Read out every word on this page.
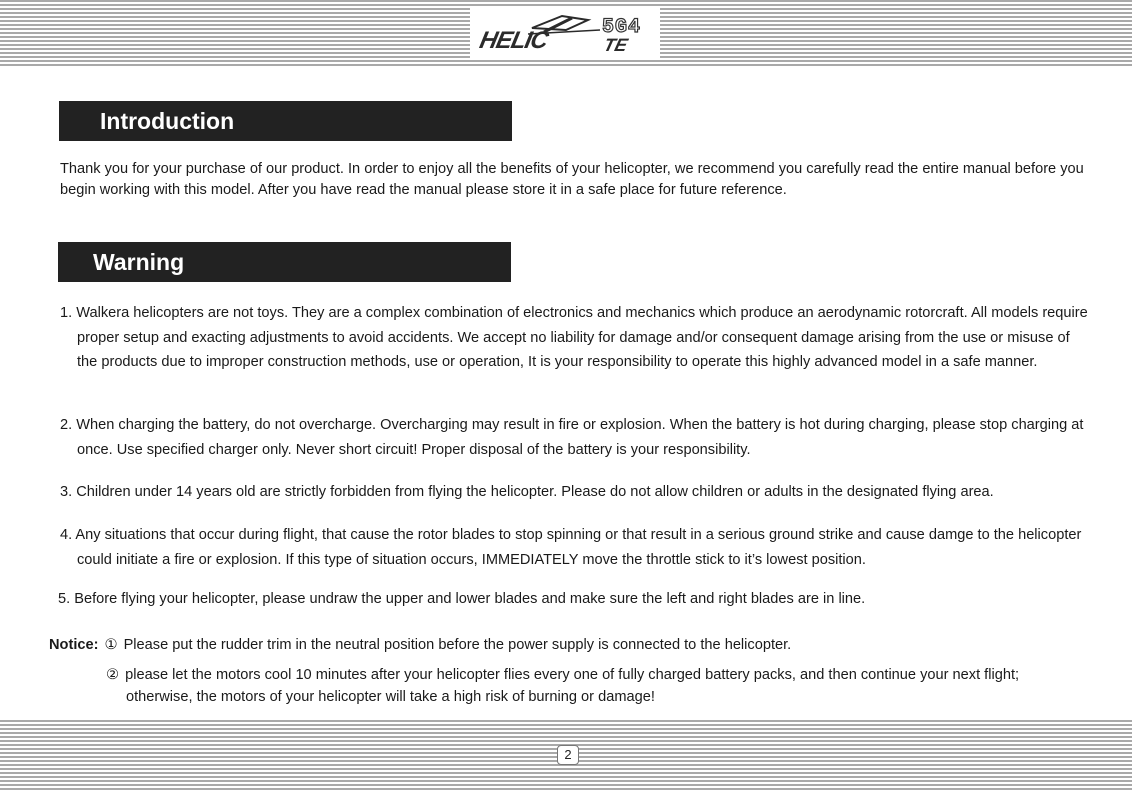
HELIC	5G4
TE
Introduction
Thank you for your purchase of our product. In order to enjoy all the benefits of your helicopter, we recommend you carefully read the entire manual before you begin working with this model. After you have read the manual please store it in a safe place for future reference.
Warning
1. Walkera helicopters are not toys. They are a complex combination of electronics and mechanics which produce an aerodynamic rotorcraft. All models require proper setup and exacting adjustments to avoid accidents. We accept no liability for damage and/or consequent damage arising from the use or misuse of the products due to improper construction methods, use or operation, It is your responsibility to operate this highly advanced model in a safe manner.
2. When charging the battery, do not overcharge. Overcharging may result in fire or explosion. When the battery is hot during charging, please stop charging at once. Use specified charger only. Never short circuit! Proper disposal of the battery is your responsibility.
3. Children under 14 years old are strictly forbidden from flying the helicopter. Please do not allow children or adults in the designated flying area.
4. Any situations that occur during flight, that cause the rotor blades to stop spinning or that result in a serious ground strike and cause damge to the helicopter could initiate a fire or explosion. If this type of situation occurs, IMMEDIATELY move the throttle stick to it’s lowest position.
5. Before flying your helicopter, please undraw the upper and lower blades and make sure the left and right blades are in line.
Notice: ① Please put the rudder trim in the neutral position before the power supply is connected to the helicopter.
② please let the motors cool 10 minutes after your helicopter flies every one of fully charged battery packs, and then continue your next flight; otherwise, the motors of your helicopter will take a high risk of burning or damage!
2
